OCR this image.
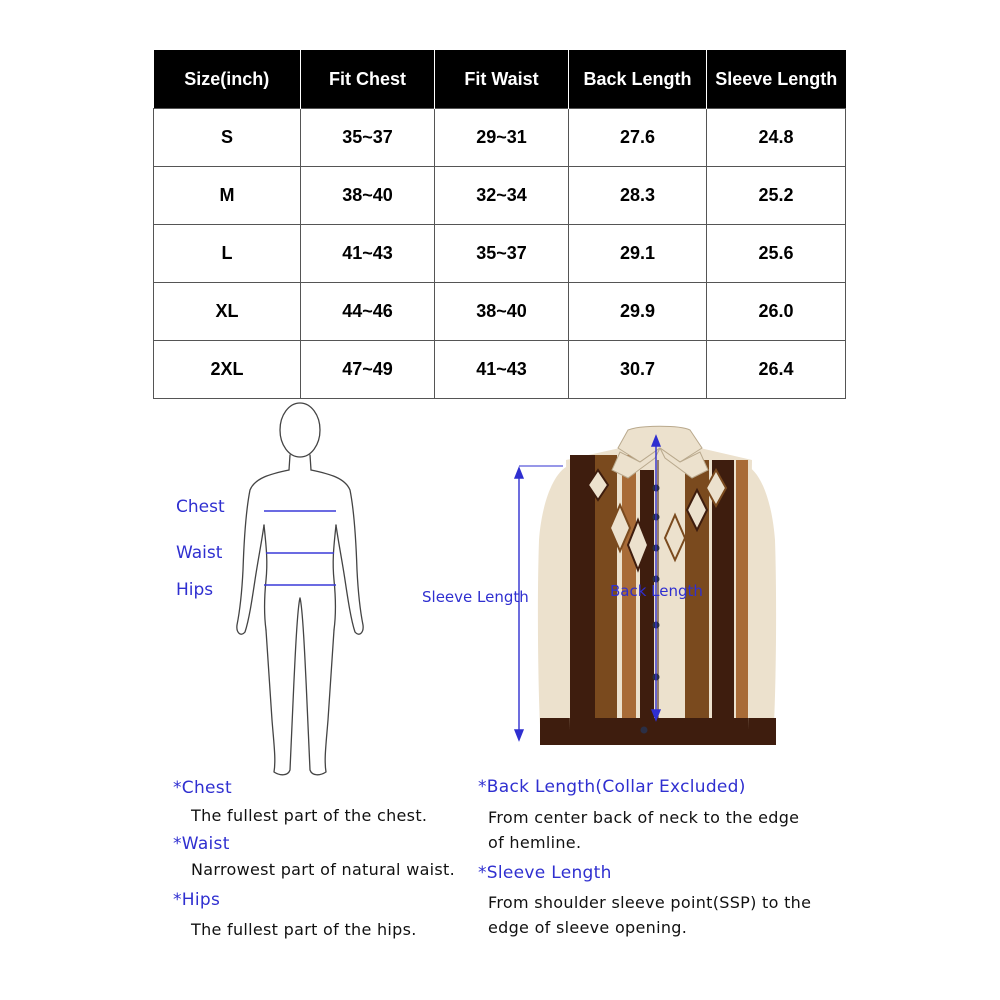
Size(inch)	Fit Chest	Fit Waist	Back Length	Sleeve Length
S	35~37	29~31	27.6	24.8
M	38~40	32~34	28.3	25.2
L	41~43	35~37	29.1	25.6
XL	44~46	38~40	29.9	26.0
2XL	47~49	41~43	30.7	26.4
Chest
Waist
Hips	Sleeve Length	Back Length
*Chest
The fullest part of the chest.
*Waist
Narrowest part of natural waist.
*Hips
The fullest part of the hips.
*Back Length(Collar Excluded)
From center back of neck to the edge
of hemline.
*Sleeve Length
From shoulder sleeve point(SSP) to the
edge of sleeve opening.
